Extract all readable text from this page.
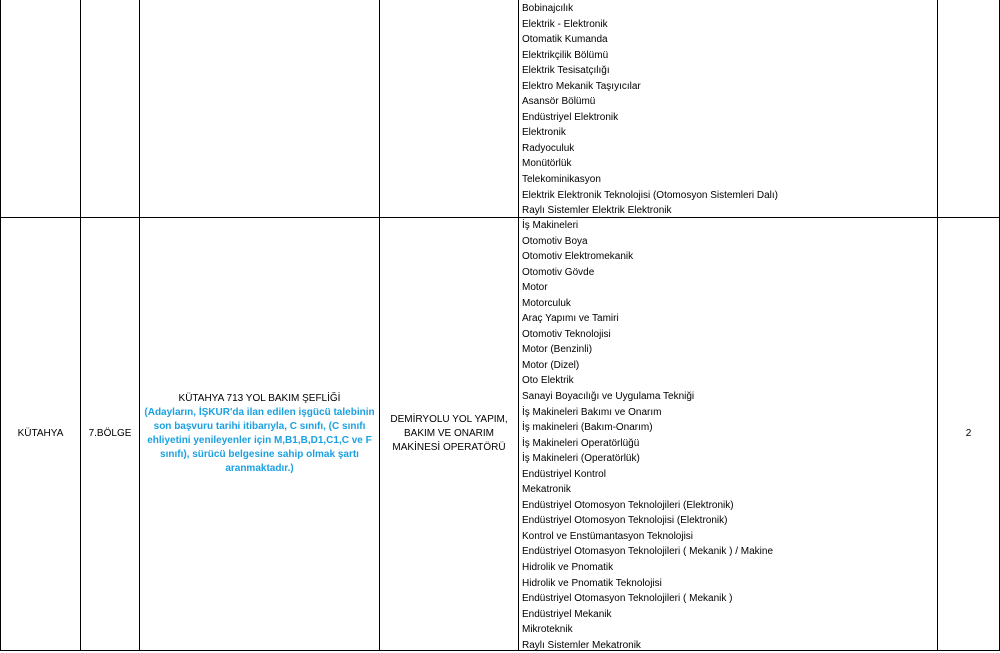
Bobinajcılık
Elektrik - Elektronik
Otomatik Kumanda
Elektrikçilik Bölümü
Elektrik Tesisatçılığı
Elektro Mekanik Taşıyıcılar
Asansör Bölümü
Endüstriyel Elektronik
Elektronik
Radyoculuk
Monütörlük
Telekominikasyon
Elektrik Elektronik Teknolojisi (Otomosyon Sistemleri Dalı)
Raylı Sistemler Elektrik Elektronik
KÜTAHYA	7.BÖLGE
KÜTAHYA 713 YOL BAKIM ŞEFLİĞİ
(Adayların, İŞKUR'da ilan edilen işgücü talebinin son başvuru tarihi itibarıyla, C sınıfı, (C sınıfı ehliyetini yenileyenler için M,B1,B,D1,C1,C ve F sınıfı), sürücü belgesine sahip olmak şartı aranmaktadır.)
DEMİRYOLU YOL YAPIM, BAKIM VE ONARIM MAKİNESİ OPERATÖRÜ
2
İş Makineleri
Otomotiv Boya
Otomotiv Elektromekanik
Otomotiv Gövde
Motor
Motorculuk
Araç Yapımı ve Tamiri
Otomotiv Teknolojisi
Motor (Benzinli)
Motor (Dizel)
Oto Elektrik
Sanayi Boyacılığı ve Uygulama Tekniği
İş Makineleri Bakımı ve Onarım
İş makineleri (Bakım-Onarım)
İş Makineleri Operatörlüğü
İş Makineleri (Operatörlük)
Endüstriyel Kontrol
Mekatronik
Endüstriyel Otomosyon Teknolojileri (Elektronik)
Endüstriyel Otomosyon Teknolojisi (Elektronik)
Kontrol ve Enstümantasyon Teknolojisi
Endüstriyel Otomasyon Teknolojileri ( Mekanik ) / Makine
Hidrolik ve Pnomatik
Hidrolik ve Pnomatik Teknolojisi
Endüstriyel Otomasyon Teknolojileri ( Mekanik )
Endüstriyel Mekanik
Mikroteknik
Raylı Sistemler Mekatronik
